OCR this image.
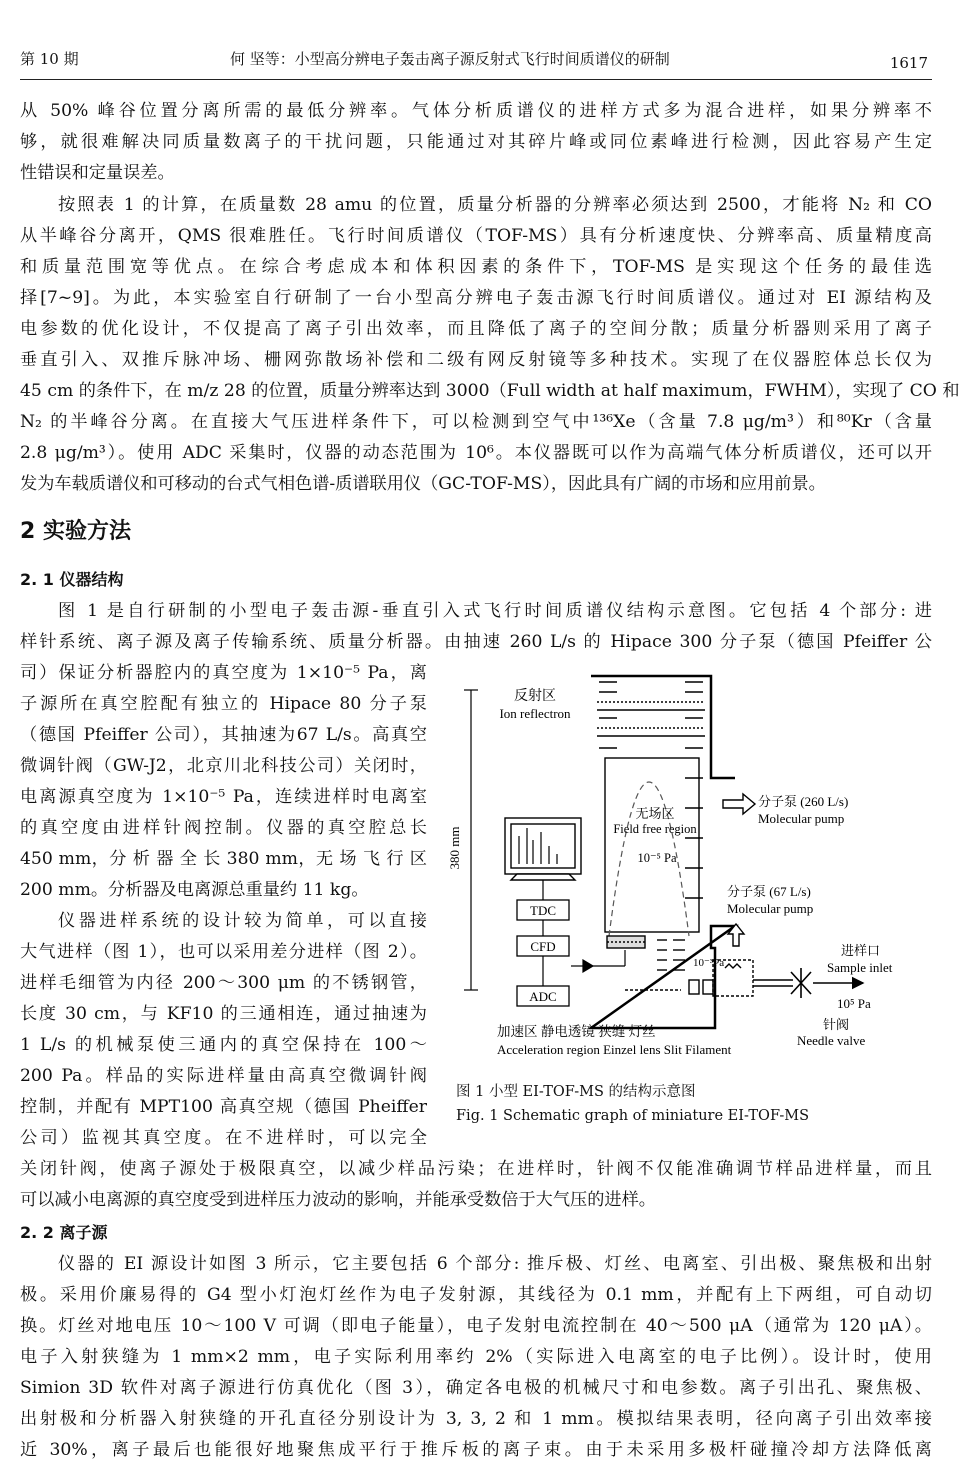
第 10 期	何 坚等：小型高分辨电子轰击离子源反射式飞行时间质谱仪的研制	1617
从 50% 峰谷位置分离所需的最低分辨率。气体分析质谱仪的进样方式多为混合进样，如果分辨率不
够，就很难解决同质量数离子的干扰问题，只能通过对其碎片峰或同位素峰进行检测，因此容易产生定
性错误和定量误差。
按照表 1 的计算，在质量数 28 amu 的位置，质量分析器的分辨率必须达到 2500，才能将 N₂ 和 CO
从半峰谷分离开，QMS 很难胜任。飞行时间质谱仪（TOF-MS）具有分析速度快、分辨率高、质量精度高
和质量范围宽等优点。在综合考虑成本和体积因素的条件下，TOF-MS 是实现这个任务的最佳选
择[7~9]。为此，本实验室自行研制了一台小型高分辨电子轰击源飞行时间质谱仪。通过对 EI 源结构及
电参数的优化设计，不仅提高了离子引出效率，而且降低了离子的空间分散；质量分析器则采用了离子
垂直引入、双推斥脉冲场、栅网弥散场补偿和二级有网反射镜等多种技术。实现了在仪器腔体总长仅为
45 cm 的条件下，在 m/z 28 的位置，质量分辨率达到 3000（Full width at half maximum，FWHM），实现了 CO 和
N₂ 的半峰谷分离。在直接大气压进样条件下，可以检测到空气中¹³⁶Xe（含量 7.8 μg/m³）和⁸⁰Kr（含量
2.8 μg/m³）。使用 ADC 采集时，仪器的动态范围为 10⁶。本仪器既可以作为高端气体分析质谱仪，还可以开
发为车载质谱仪和可移动的台式气相色谱-质谱联用仪（GC-TOF-MS），因此具有广阔的市场和应用前景。
2 实验方法
2. 1 仪器结构
图 1 是自行研制的小型电子轰击源-垂直引入式飞行时间质谱仪结构示意图。它包括 4 个部分: 进
样针系统、离子源及离子传输系统、质量分析器。由抽速 260 L/s 的 Hipace 300 分子泵（德国 Pfeiffer 公
司）保证分析器腔内的真空度为 1×10⁻⁵ Pa，离
子源所在真空腔配有独立的 Hipace 80 分子泵
（德国 Pfeiffer 公司），其抽速为67 L/s。高真空
微调针阀（GW-J2，北京川北科技公司）关闭时，
电离源真空度为 1×10⁻⁵ Pa，连续进样时电离室
的真空度由进样针阀控制。仪器的真空腔总长
450 mm，分 析 器 全 长 380 mm，无 场 飞 行 区
200 mm。分析器及电离源总重量约 11 kg。
仪器进样系统的设计较为简单，可以直接
大气进样（图 1），也可以采用差分进样（图 2）。
进样毛细管为内径 200～300 μm 的不锈钢管，
长度 30 cm，与 KF10 的三通相连，通过抽速为
1 L/s 的机械泵使三通内的真空保持在 100～
200 Pa。样品的实际进样量由高真空微调针阀
控制，并配有 MPT100 高真空规（德国 Pheiffer
公司）监视其真空度。在不进样时，可以完全
关闭针阀，使离子源处于极限真空，以减少样品污染；在进样时，针阀不仅能准确调节样品进样量，而且
可以减小电离源的真空度受到进样压力波动的影响，并能承受数倍于大气压的进样。
380 mm
分子泵 (260 L/s)
Molecular pump
分子泵 (67 L/s)
Molecular pump
进样口
Sample inlet
10⁵ Pa
针阀
Needle valve
TDC
CFD
ADC
反射区
Ion reflectron
无场区
Field free region
10⁻⁵ Pa
10⁻³Pa
加速区 静电透镜 狭缝 灯丝
Acceleration region Einzel lens Slit Filament
图 1 小型 EI-TOF-MS 的结构示意图
Fig. 1 Schematic graph of miniature EI-TOF-MS
2. 2 离子源
仪器的 EI 源设计如图 3 所示，它主要包括 6 个部分: 推斥极、灯丝、电离室、引出极、聚焦极和出射
极。采用价廉易得的 G4 型小灯泡灯丝作为电子发射源，其线径为 0.1 mm，并配有上下两组，可自动切
换。灯丝对地电压 10～100 V 可调（即电子能量），电子发射电流控制在 40～500 μA（通常为 120 μA）。
电子入射狭缝为 1 mm×2 mm，电子实际利用率约 2%（实际进入电离室的电子比例）。设计时，使用
Simion 3D 软件对离子源进行仿真优化（图 3），确定各电极的机械尺寸和电参数。离子引出孔、聚焦极、
出射极和分析器入射狭缝的开孔直径分别设计为 3, 3, 2 和 1 mm。模拟结果表明，径向离子引出效率接
近 30%，离子最后也能很好地聚焦成平行于推斥板的离子束。由于未采用多极杆碰撞冷却方法降低离
